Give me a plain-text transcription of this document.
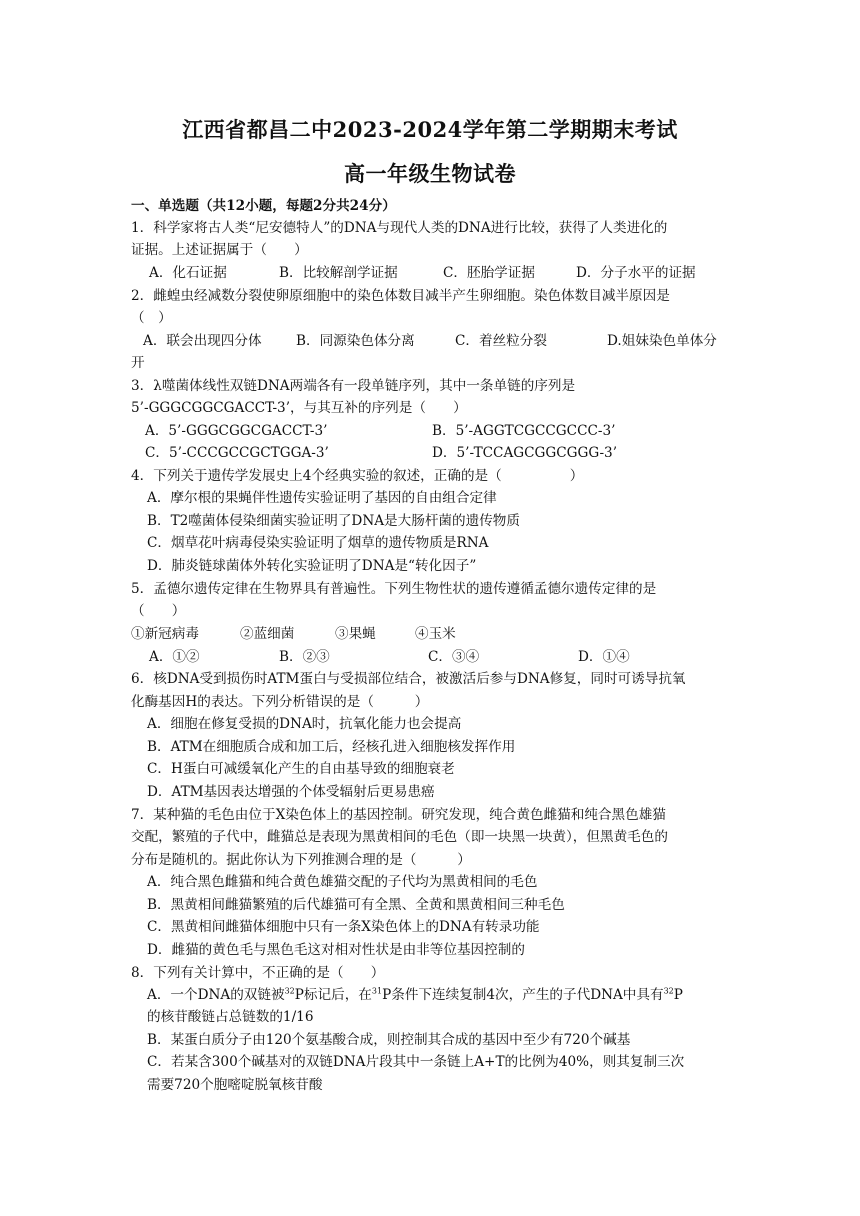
江西省都昌二中2023-2024学年第二学期期末考试
高一年级生物试卷
一、单选题（共12小题，每题2分共24分）
1．科学家将古人类“尼安德特人”的DNA与现代人类的DNA进行比较，获得了人类进化的
证据。上述证据属于（　　）
A．化石证据	B．比较解剖学证据	C．胚胎学证据	D．分子水平的证据
2．雌蝗虫经减数分裂使卵原细胞中的染色体数目减半产生卵细胞。染色体数目减半原因是
（　）
A．联会出现四分体	B．同源染色体分离	C．着丝粒分裂	D.姐妹染色单体分
开
3．λ噬菌体线性双链DNA两端各有一段单链序列，其中一条单链的序列是
5’-GGGCGGCGACCT-3’，与其互补的序列是（　　）
A．5’-GGGCGGCGACCT-3’	B．5’-AGGTCGCCGCCC-3’
C．5’-CCCGCCGCTGGA-3’	D．5’-TCCAGCGGCGGG-3’
4．下列关于遗传学发展史上4个经典实验的叙述，正确的是（　　　　　）
A．摩尔根的果蝇伴性遗传实验证明了基因的自由组合定律
B．T2噬菌体侵染细菌实验证明了DNA是大肠杆菌的遗传物质
C．烟草花叶病毒侵染实验证明了烟草的遗传物质是RNA
D．肺炎链球菌体外转化实验证明了DNA是“转化因子”
5．孟德尔遗传定律在生物界具有普遍性。下列生物性状的遗传遵循孟德尔遗传定律的是
（　　）
①新冠病毒	②蓝细菌	③果蝇	④玉米
A．①②	B．②③	C．③④	D．①④
6．核DNA受到损伤时ATM蛋白与受损部位结合，被激活后参与DNA修复，同时可诱导抗氧
化酶基因H的表达。下列分析错误的是（　　　）
A．细胞在修复受损的DNA时，抗氧化能力也会提高
B．ATM在细胞质合成和加工后，经核孔进入细胞核发挥作用
C．H蛋白可减缓氧化产生的自由基导致的细胞衰老
D．ATM基因表达增强的个体受辐射后更易患癌
7．某种猫的毛色由位于X染色体上的基因控制。研究发现，纯合黄色雌猫和纯合黑色雄猫
交配，繁殖的子代中，雌猫总是表现为黑黄相间的毛色（即一块黑一块黄），但黑黄毛色的
分布是随机的。据此你认为下列推测合理的是（　　　）
A．纯合黑色雌猫和纯合黄色雄猫交配的子代均为黑黄相间的毛色
B．黑黄相间雌猫繁殖的后代雄猫可有全黑、全黄和黑黄相间三种毛色
C．黑黄相间雌猫体细胞中只有一条X染色体上的DNA有转录功能
D．雌猫的黄色毛与黑色毛这对相对性状是由非等位基因控制的
8．下列有关计算中，不正确的是（　　）
A．一个DNA的双链被$^{32}$P标记后，在$^{31}$P条件下连续复制4次，产生的子代DNA中具有$^{32}$P
的核苷酸链占总链数的1/16
B．某蛋白质分子由120个氨基酸合成，则控制其合成的基因中至少有720个碱基
C．若某含300个碱基对的双链DNA片段其中一条链上A+T的比例为40%，则其复制三次
需要720个胞嘧啶脱氧核苷酸
